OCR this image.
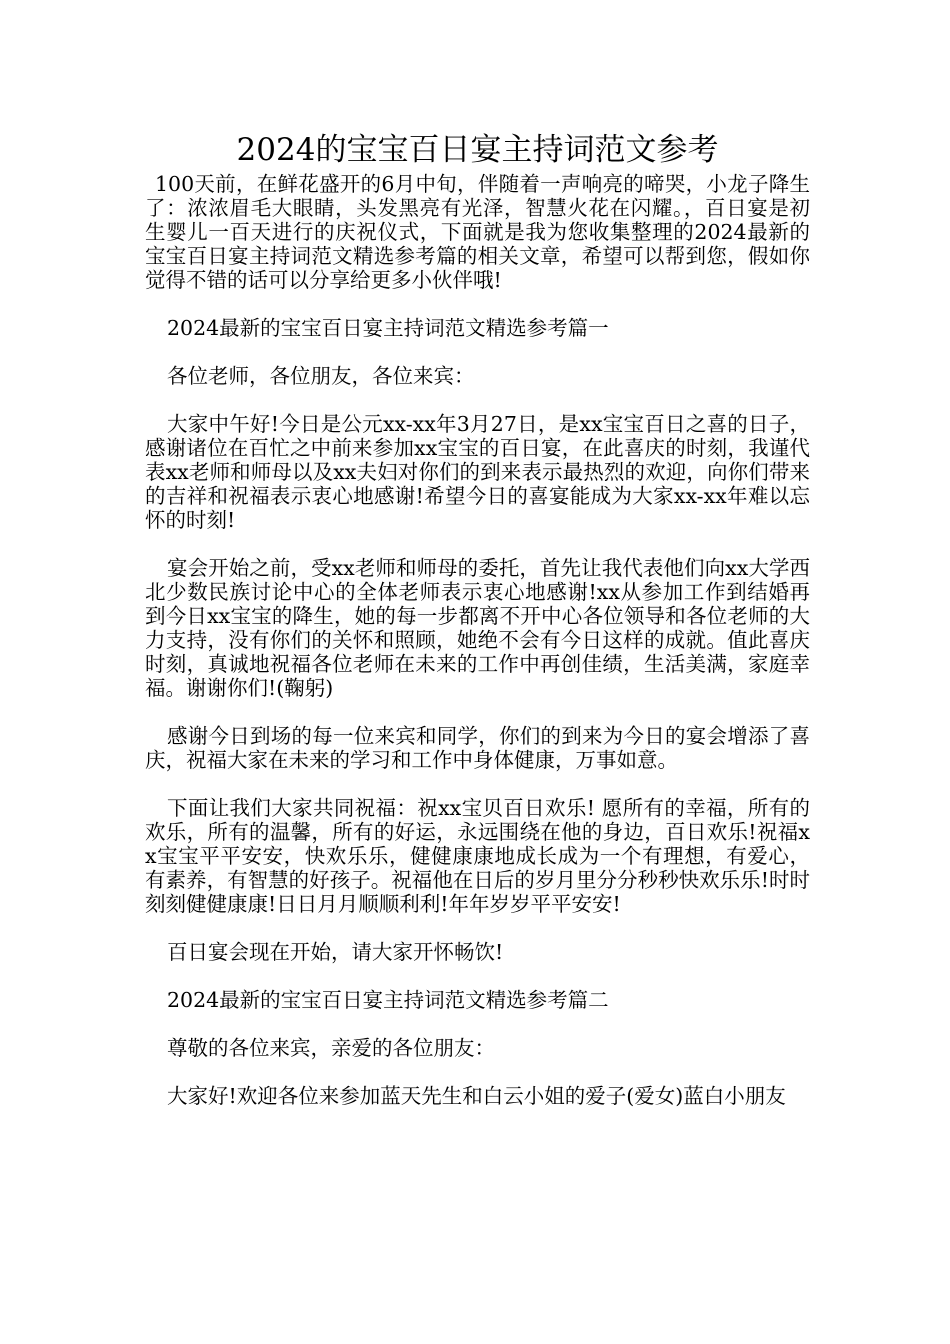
2024的宝宝百日宴主持词范文参考

100天前，在鲜花盛开的6月中旬，伴随着一声响亮的啼哭，小龙子降生了：浓浓眉毛大眼睛，头发黑亮有光泽，智慧火花在闪耀。，百日宴是初生婴儿一百天进行的庆祝仪式，下面就是我为您收集整理的2024最新的宝宝百日宴主持词范文精选参考篇的相关文章，希望可以帮到您，假如你觉得不错的话可以分享给更多小伙伴哦!

2024最新的宝宝百日宴主持词范文精选参考篇一

各位老师，各位朋友，各位来宾：

大家中午好!今日是公元xx-xx年3月27日，是xx宝宝百日之喜的日子，感谢诸位在百忙之中前来参加xx宝宝的百日宴，在此喜庆的时刻，我谨代表xx老师和师母以及xx夫妇对你们的到来表示最热烈的欢迎，向你们带来的吉祥和祝福表示衷心地感谢!希望今日的喜宴能成为大家xx-xx年难以忘怀的时刻!

宴会开始之前，受xx老师和师母的委托，首先让我代表他们向xx大学西北少数民族讨论中心的全体老师表示衷心地感谢!xx从参加工作到结婚再到今日xx宝宝的降生，她的每一步都离不开中心各位领导和各位老师的大力支持，没有你们的关怀和照顾，她绝不会有今日这样的成就。值此喜庆时刻，真诚地祝福各位老师在未来的工作中再创佳绩，生活美满，家庭幸福。谢谢你们!(鞠躬)

感谢今日到场的每一位来宾和同学，你们的到来为今日的宴会增添了喜庆，祝福大家在未来的学习和工作中身体健康，万事如意。

下面让我们大家共同祝福：祝xx宝贝百日欢乐! 愿所有的幸福，所有的欢乐，所有的温馨，所有的好运，永远围绕在他的身边，百日欢乐!祝福xx宝宝平平安安，快欢乐乐，健健康康地成长成为一个有理想，有爱心，有素养，有智慧的好孩子。祝福他在日后的岁月里分分秒秒快欢乐乐!时时刻刻健健康康!日日月月顺顺利利!年年岁岁平平安安!

百日宴会现在开始，请大家开怀畅饮!

2024最新的宝宝百日宴主持词范文精选参考篇二

尊敬的各位来宾，亲爱的各位朋友：

大家好!欢迎各位来参加蓝天先生和白云小姐的爱子(爱女)蓝白小朋友
